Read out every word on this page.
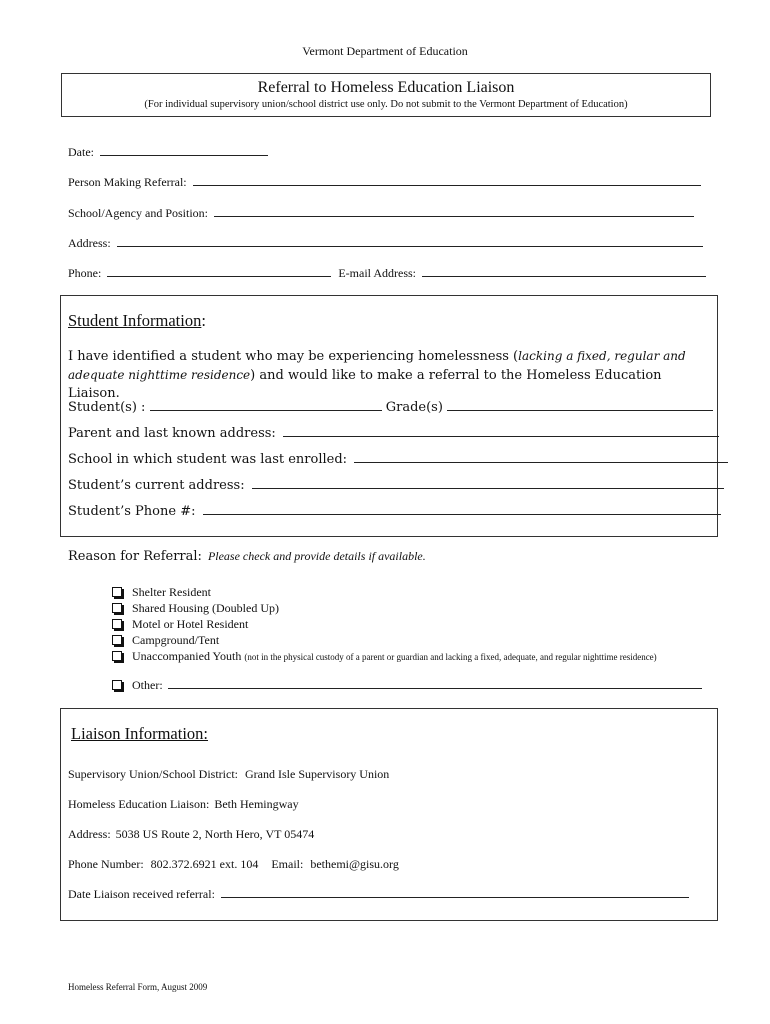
Vermont Department of Education
Referral to Homeless Education Liaison
(For individual supervisory union/school district use only. Do not submit to the Vermont Department of Education)
Date:
Person Making Referral:
School/Agency and Position:
Address:
Phone:	E-mail Address:
Student Information:
I have identified a student who may be experiencing homelessness (lacking a fixed, regular and adequate nighttime residence) and would like to make a referral to the Homeless Education Liaison.
Student(s) :	Grade(s)
Parent and last known address:
School in which student was last enrolled:
Student’s current address:
Student’s Phone #:
Reason for Referral: Please check and provide details if available.
Shelter Resident
Shared Housing (Doubled Up)
Motel or Hotel Resident
Campground/Tent
Unaccompanied Youth (not in the physical custody of a parent or guardian and lacking a fixed, adequate, and regular nighttime residence)
Other:
Liaison Information:
Supervisory Union/School District: Grand Isle Supervisory Union
Homeless Education Liaison: Beth Hemingway
Address: 5038 US Route 2, North Hero, VT 05474
Phone Number: 802.372.6921 ext. 104 Email: bethemi@gisu.org
Date Liaison received referral:
Homeless Referral Form, August 2009
